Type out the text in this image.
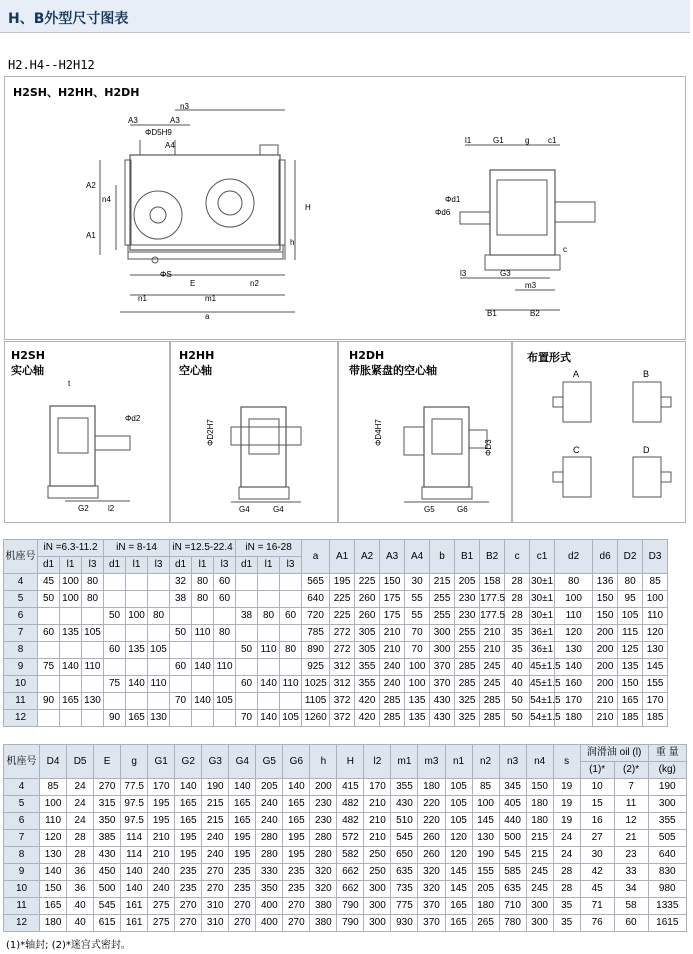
H、B外型尺寸图表
H2.H4--H2H12
H2SH、H2HH、H2DH
n3
A3	A3
ΦD5H9
A4
A2
n4
A1
H
h
ΦS
E	n2
n1	m1
a
l1	G1	g c1
Φd6
Φd1
c
l3	G3
m3
B1	B2
H2SH
实心轴
t
Φd2
G2 l2
H2HH
空心轴
ΦD2H7
G4	G4
H2DH
带胀紧盘的空心轴
ΦD4H7
ΦD3
G5	G6
布置形式
A	B
C	D
机座号	iN =6.3-11.2			iN = 8-14			iN =12.5-22.4			iN = 16-28			a	A1	A2	A3	A4	b	B1	B2	c	c1	d2	d6	D2	D3
	d1	l1	l3	d1	l1	l3	d1	l1	l3	d1	l1	l3														
4	45	100	80				32	80	60				565	195	225	150	30	215	205	158	28	30±1	80	136	80	85
5	50	100	80				38	80	60				640	225	260	175	55	255	230	177.5	28	30±1	100	150	95	100
6				50	100	80				38	80	60	720	225	260	175	55	255	230	177.5	28	30±1	110	150	105	110
7	60	135	105				50	110	80				785	272	305	210	70	300	255	210	35	36±1	120	200	115	120
8				60	135	105				50	110	80	890	272	305	210	70	300	255	210	35	36±1	130	200	125	130
9	75	140	110				60	140	110				925	312	355	240	100	370	285	245	40	45±1.5	140	200	135	145
10				75	140	110				60	140	110	1025	312	355	240	100	370	285	245	40	45±1.5	160	200	150	155
11	90	165	130				70	140	105				1105	372	420	285	135	430	325	285	50	54±1.5	170	210	165	170
12				90	165	130				70	140	105	1260	372	420	285	135	430	325	285	50	54±1.5	180	210	185	185
机座号	D4	D5	E	g	G1	G2	G3	G4	G5	G6	h	H	l2	m1	m3	n1	n2	n3	n4	s	润滑油 oil (l)		重 量
																					(1)*	(2)*	(kg)
4	85	24	270	77.5	170	140	190	140	205	140	200	415	170	355	180	105	85	345	150	19	10	7	190
5	100	24	315	97.5	195	165	215	165	240	165	230	482	210	430	220	105	100	405	180	19	15	11	300
6	110	24	350	97.5	195	165	215	165	240	165	230	482	210	510	220	105	145	440	180	19	16	12	355
7	120	28	385	114	210	195	240	195	280	195	280	572	210	545	260	120	130	500	215	24	27	21	505
8	130	28	430	114	210	195	240	195	280	195	280	582	250	650	260	120	190	545	215	24	30	23	640
9	140	36	450	140	240	235	270	235	330	235	320	662	250	635	320	145	155	585	245	28	42	33	830
10	150	36	500	140	240	235	270	235	350	235	320	662	300	735	320	145	205	635	245	28	45	34	980
11	165	40	545	161	275	270	310	270	400	270	380	790	300	775	370	165	180	710	300	35	71	58	1335
12	180	40	615	161	275	270	310	270	400	270	380	790	300	930	370	165	265	780	300	35	76	60	1615
(1)*轴封; (2)*迷宫式密封。
